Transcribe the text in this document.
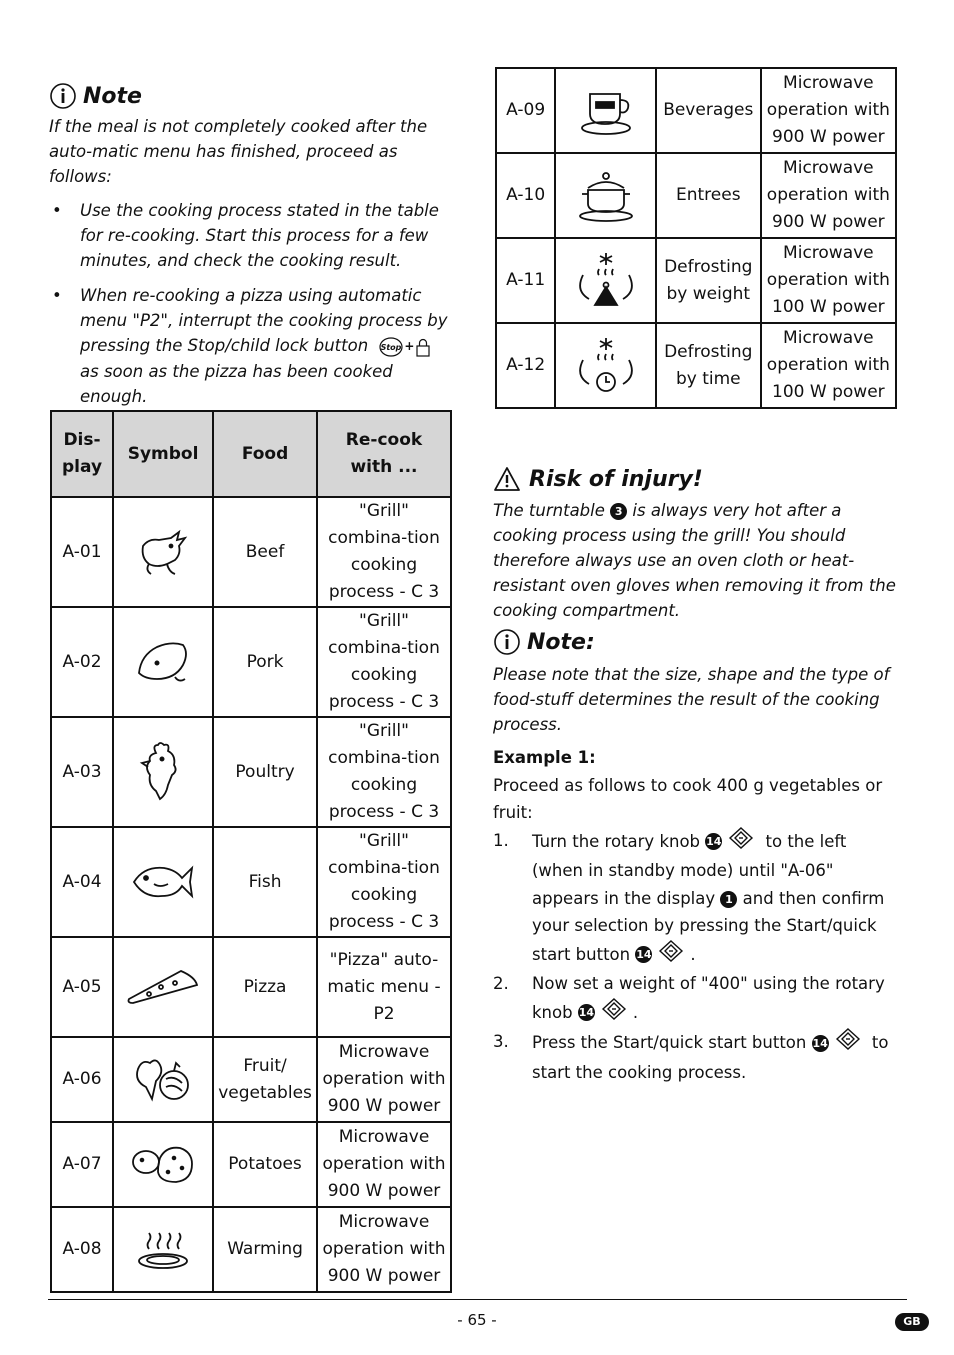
Note
If the meal is not completely cooked after the auto-matic menu has finished, proceed as follows:
• Use the cooking process stated in the table for re-cooking. Start this process for a few minutes, and check the cooking result.
• When re-cooking a pizza using automatic menu "P2", interrupt the cooking process by pressing the Stop/child lock button Stop +
as soon as the pizza has been cooked enough.
Dis-play	Symbol	Food	Re-cook with ...
A-01		Beef	"Grill" combina-tion cooking process - C 3
A-02		Pork	"Grill" combina-tion cooking process - C 3
A-03		Poultry	"Grill" combina-tion cooking process - C 3
A-04		Fish	"Grill" combina-tion cooking process - C 3
A-05		Pizza	"Pizza" auto-matic menu - P2
A-06		Fruit/ vegetables	Microwave operation with 900 W power
A-07		Potatoes	Microwave operation with 900 W power
A-08		Warming	Microwave operation with 900 W power
A-09		Beverages	Microwave operation with 900 W power
A-10		Entrees	Microwave operation with 900 W power
A-11		Defrosting by weight	Microwave operation with 100 W power
A-12		Defrosting by time	Microwave operation with 100 W power
Risk of injury!
The turntable 3 is always very hot after a cooking process using the grill! You should therefore always use an oven cloth or heat-resistant oven gloves when removing it from the cooking compartment.
Note:
Please note that the size, shape and the type of food-stuff determines the result of the cooking process.
Example 1:
Proceed as follows to cook 400 g vegetables or fruit:
1. Turn the rotary knob 14	to the left (when in standby mode) until "A-06" appears in the display 1 and then confirm your selection by pressing the Start/quick start button 14 .
2. Now set a weight of "400" using the rotary knob 14 .
3. Press the Start/quick start button 14	to start the cooking process.
- 65 -	GB
